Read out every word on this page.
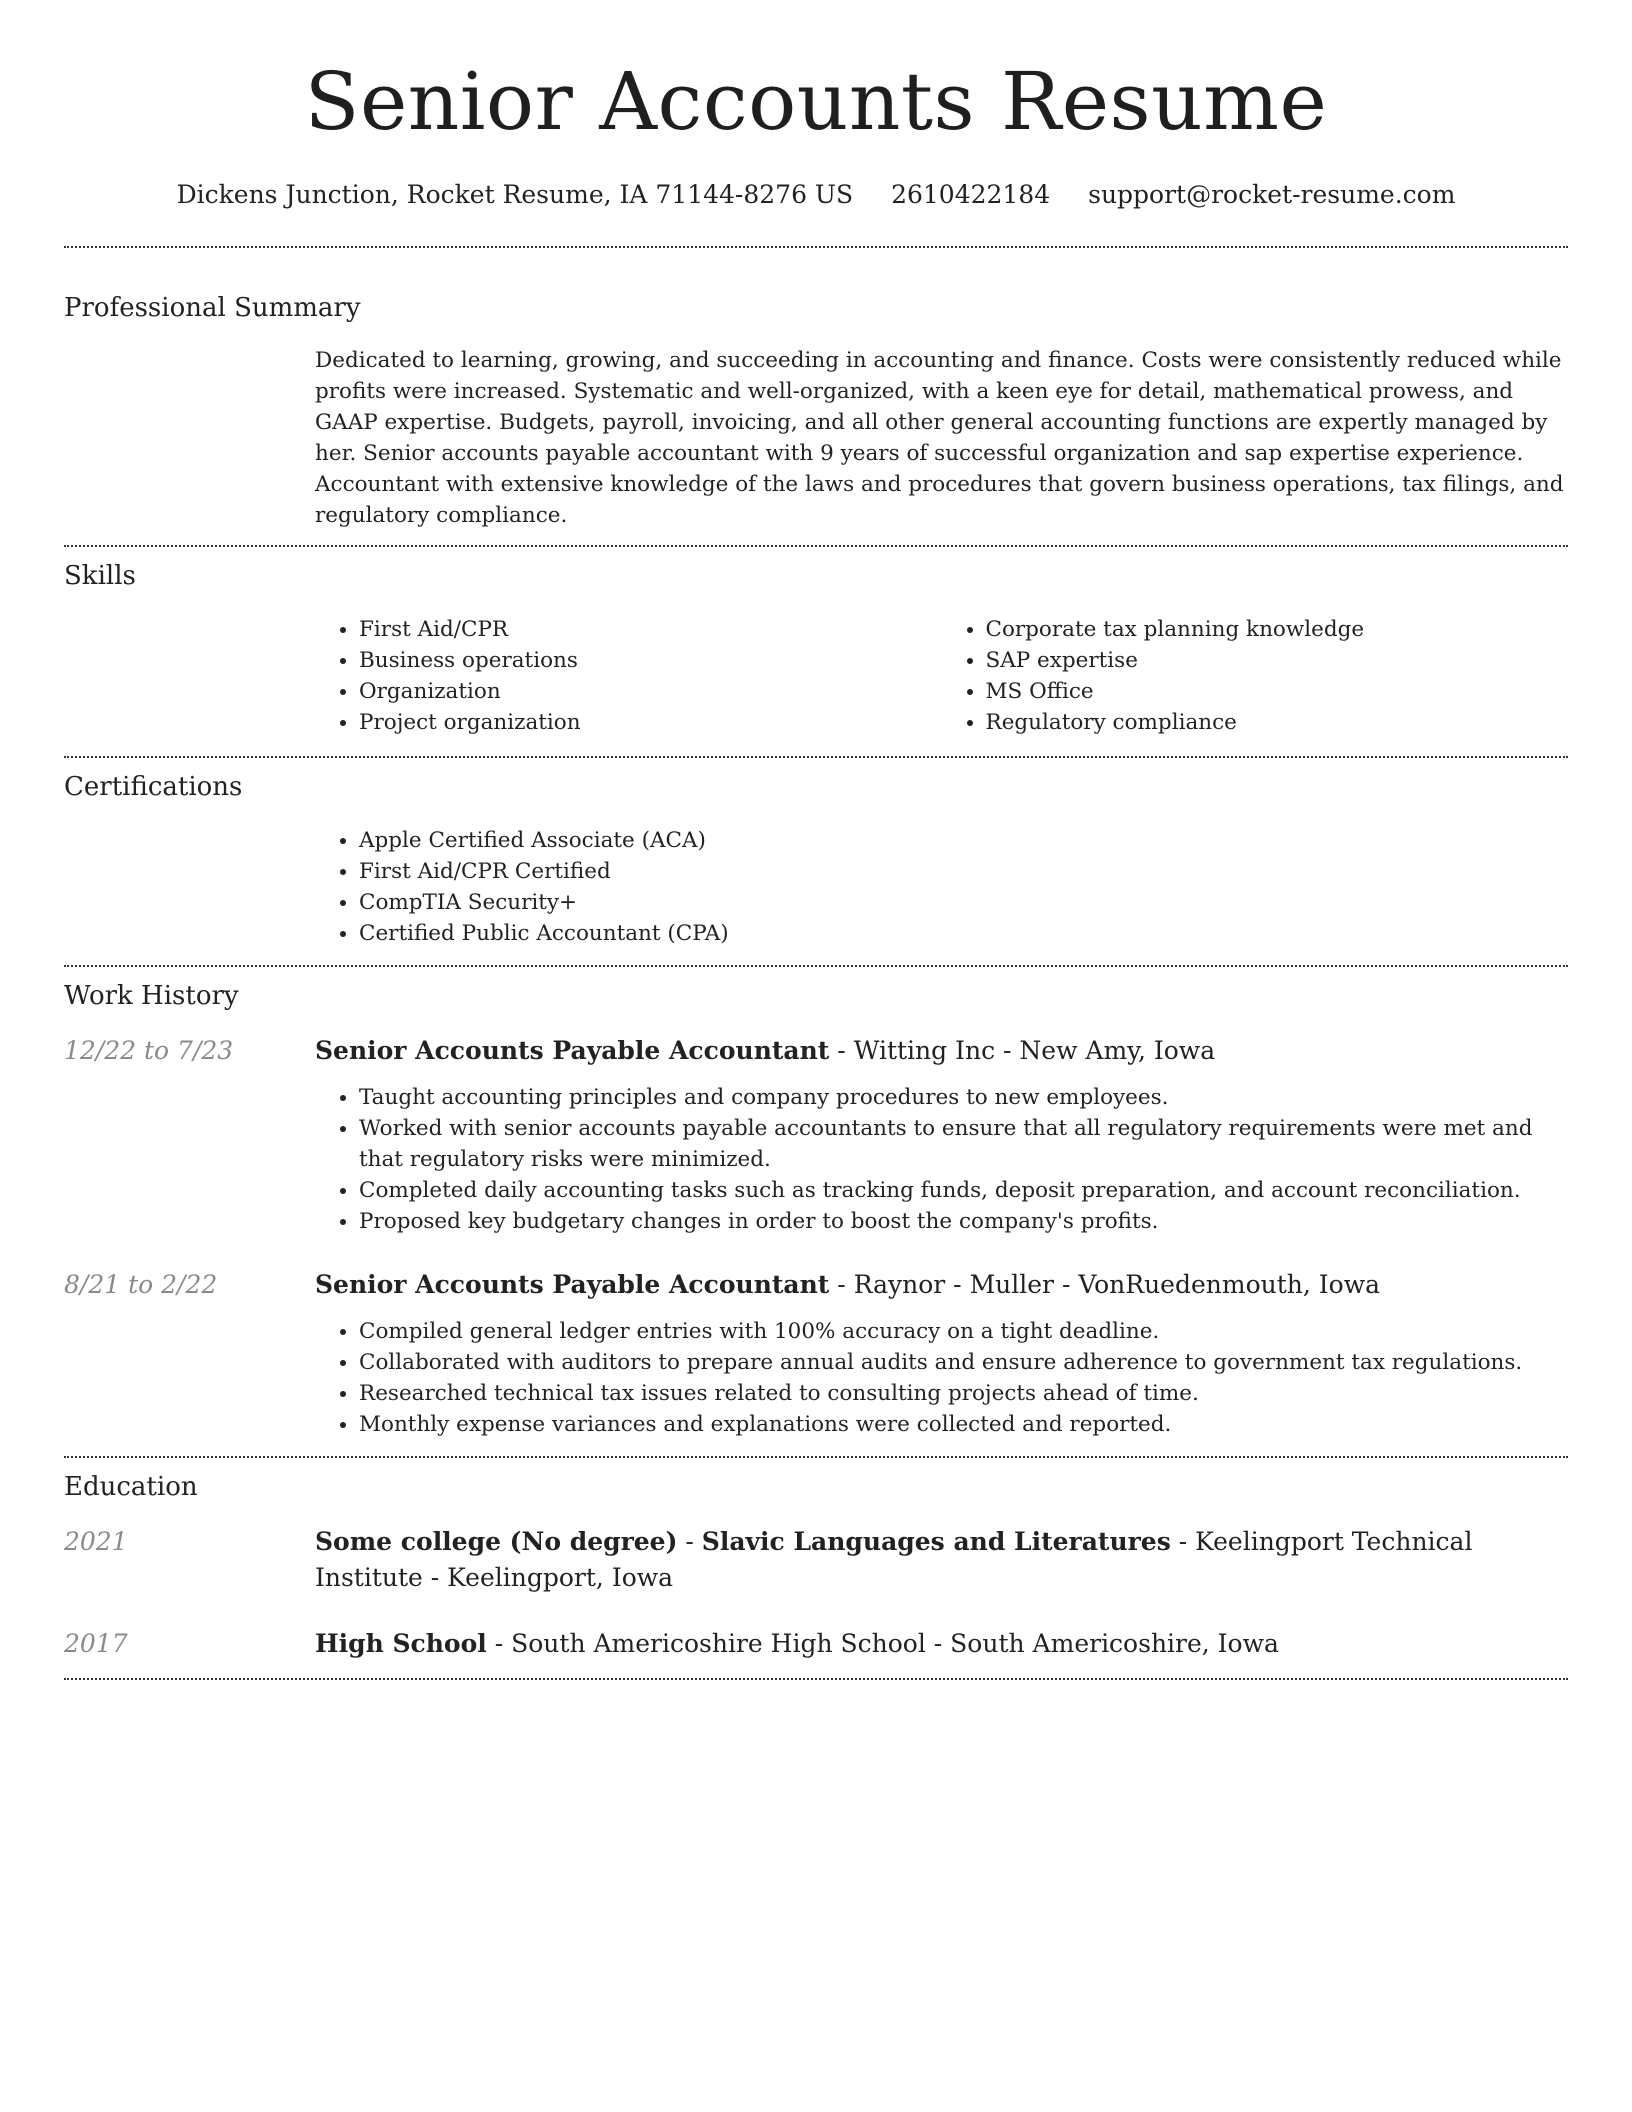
Senior Accounts Resume
Dickens Junction, Rocket Resume, IA 71144-8276 US 2610422184 support@rocket-resume.com
Professional Summary

Dedicated to learning, growing, and succeeding in accounting and finance. Costs were consistently reduced while profits were increased. Systematic and well-organized, with a keen eye for detail, mathematical prowess, and GAAP expertise. Budgets, payroll, invoicing, and all other general accounting functions are expertly managed by her. Senior accounts payable accountant with 9 years of successful organization and sap expertise experience. Accountant with extensive knowledge of the laws and procedures that govern business operations, tax filings, and regulatory compliance.

Skills
• First Aid/CPR
• Business operations
• Organization
• Project organization
• Corporate tax planning knowledge
• SAP expertise
• MS Office
• Regulatory compliance
Certifications
• Apple Certified Associate (ACA)
• First Aid/CPR Certified
• CompTIA Security+
• Certified Public Accountant (CPA)
Work History
12/22 to 7/23	Senior Accounts Payable Accountant - Witting Inc - New Amy, Iowa
• Taught accounting principles and company procedures to new employees.
• Worked with senior accounts payable accountants to ensure that all regulatory requirements were met and that regulatory risks were minimized.
• Completed daily accounting tasks such as tracking funds, deposit preparation, and account reconciliation.
• Proposed key budgetary changes in order to boost the company's profits.
8/21 to 2/22	Senior Accounts Payable Accountant - Raynor - Muller - VonRuedenmouth, Iowa
• Compiled general ledger entries with 100% accuracy on a tight deadline.
• Collaborated with auditors to prepare annual audits and ensure adherence to government tax regulations.
• Researched technical tax issues related to consulting projects ahead of time.
• Monthly expense variances and explanations were collected and reported.
Education
2021	Some college (No degree) - Slavic Languages and Literatures - Keelingport Technical Institute - Keelingport, Iowa
2017	High School - South Americoshire High School - South Americoshire, Iowa
